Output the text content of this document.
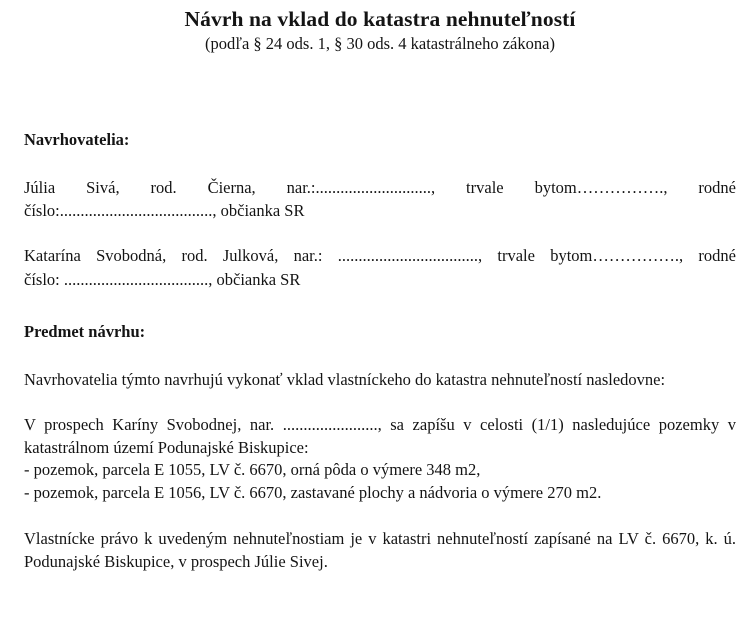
Návrh na vklad do katastra nehnuteľností

(podľa § 24 ods. 1, § 30 ods. 4 katastrálneho zákona)

Navrhovatelia:

Júlia Sivá, rod. Čierna, nar.:............................, trvale bytom……………., rodné

číslo:....................................., občianka SR

Katarína Svobodná, rod. Julková, nar.: .................................., trvale bytom……………., rodné

číslo: ..................................., občianka SR

Predmet návrhu:

Navrhovatelia týmto navrhujú vykonať vklad vlastníckeho do katastra nehnuteľností nasledovne:

V prospech Karíny Svobodnej, nar. ......................., sa zapíšu v celosti (1/1) nasledujúce pozemky v katastrálnom území Podunajské Biskupice:

- pozemok, parcela E 1055, LV č. 6670, orná pôda o výmere 348 m2,
- pozemok, parcela E 1056, LV č. 6670, zastavané plochy a nádvoria o výmere 270 m2.

Vlastnícke právo k uvedeným nehnuteľnostiam je v katastri nehnuteľností zapísané na LV č. 6670, k. ú. Podunajské Biskupice, v prospech Júlie Sivej.
